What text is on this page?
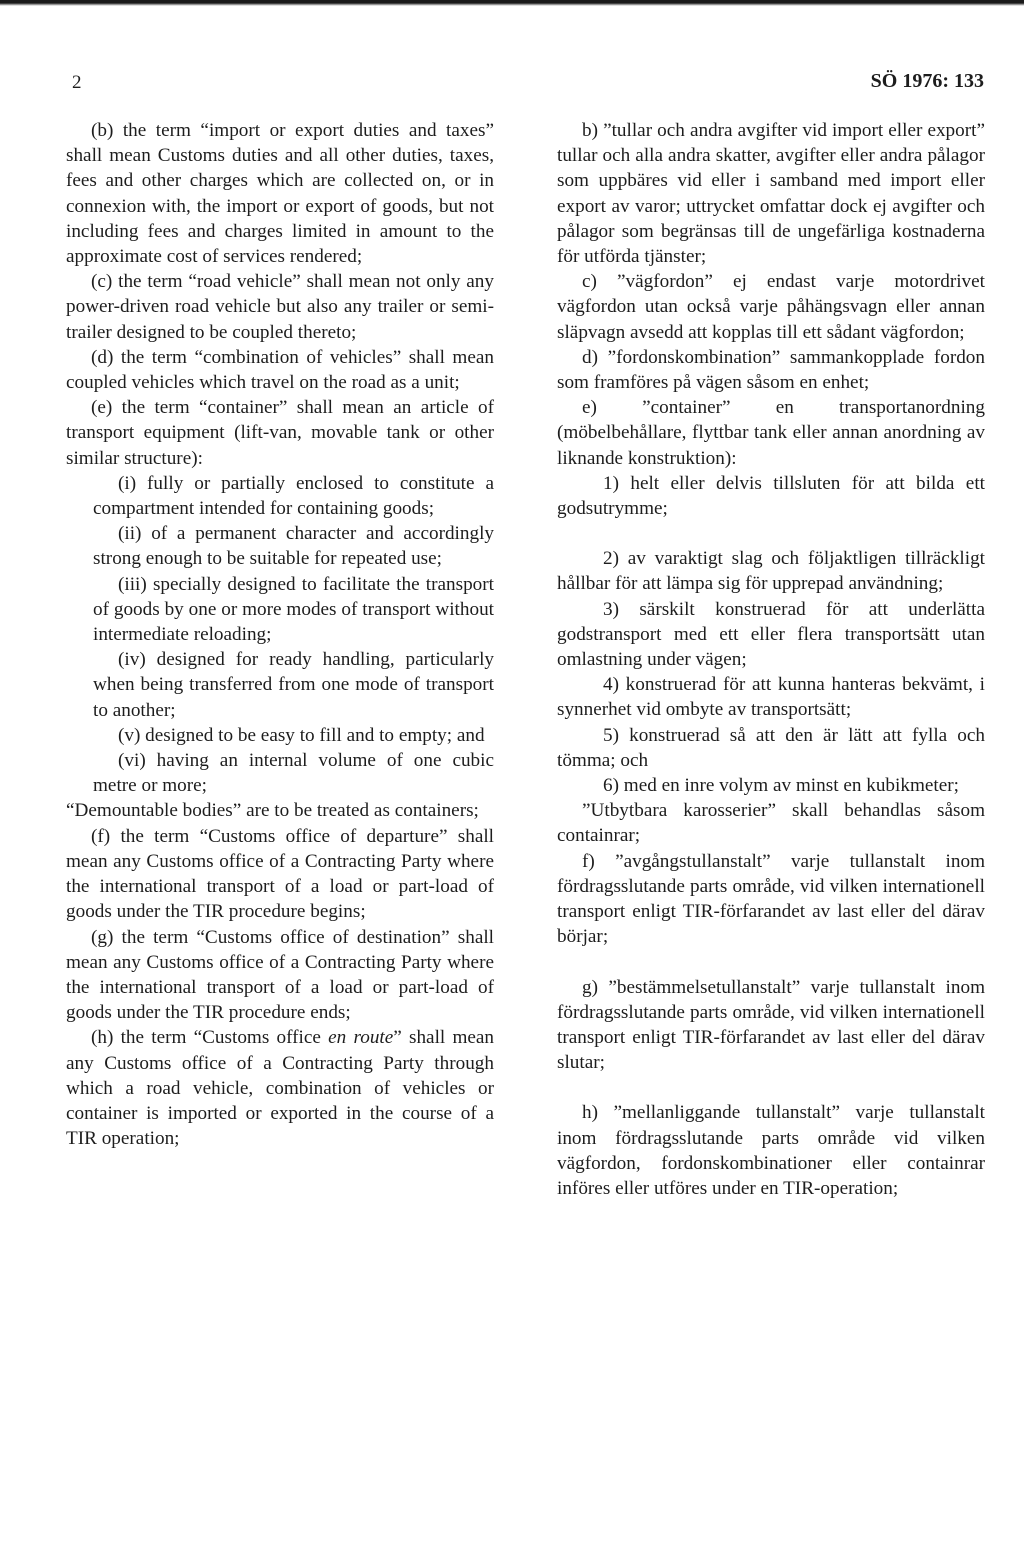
2	SÖ 1976: 133

(b) the term “import or export duties and taxes” shall mean Customs duties and all other duties, taxes, fees and other charges which are collected on, or in connexion with, the import or export of goods, but not including fees and charges limited in amount to the approximate cost of services rendered;

(c) the term “road vehicle” shall mean not only any power-driven road vehicle but also any trailer or semi-trailer designed to be coupled thereto;

(d) the term “combination of vehicles” shall mean coupled vehicles which travel on the road as a unit;

(e) the term “container” shall mean an article of transport equipment (lift-van, movable tank or other similar structure):

(i) fully or partially enclosed to constitute a compartment intended for containing goods;

(ii) of a permanent character and accordingly strong enough to be suitable for repeated use;

(iii) specially designed to facilitate the transport of goods by one or more modes of transport without intermediate reloading;

(iv) designed for ready handling, particularly when being transferred from one mode of transport to another;

(v) designed to be easy to fill and to empty; and

(vi) having an internal volume of one cubic metre or more;

“Demountable bodies” are to be treated as containers;

(f) the term “Customs office of departure” shall mean any Customs office of a Contracting Party where the international transport of a load or part-load of goods under the TIR procedure begins;

(g) the term “Customs office of destination” shall mean any Customs office of a Contracting Party where the international transport of a load or part-load of goods under the TIR procedure ends;

(h) the term “Customs office en route” shall mean any Customs office of a Contracting Party through which a road vehicle, combination of vehicles or container is imported or exported in the course of a TIR operation;

b) ”tullar och andra avgifter vid import eller export” tullar och alla andra skatter, avgifter eller andra pålagor som uppbäres vid eller i samband med import eller export av varor; uttrycket omfattar dock ej avgifter och pålagor som begränsas till de ungefärliga kostnaderna för utförda tjänster;

c) ”vägfordon” ej endast varje motordrivet vägfordon utan också varje påhängsvagn eller annan släpvagn avsedd att kopplas till ett sådant vägfordon;

d) ”fordonskombination” sammankopplade fordon som framföres på vägen såsom en enhet;

e) ”container” en transportanordning (möbelbehållare, flyttbar tank eller annan anordning av liknande konstruktion):

1) helt eller delvis tillsluten för att bilda ett godsutrymme;

2) av varaktigt slag och följaktligen tillräckligt hållbar för att lämpa sig för upprepad användning;

3) särskilt konstruerad för att underlätta godstransport med ett eller flera transportsätt utan omlastning under vägen;

4) konstruerad för att kunna hanteras bekvämt, i synnerhet vid ombyte av transportsätt;

5) konstruerad så att den är lätt att fylla och tömma; och

6) med en inre volym av minst en kubikmeter;

”Utbytbara karosserier” skall behandlas såsom containrar;

f) ”avgångstullanstalt” varje tullanstalt inom fördragsslutande parts område, vid vilken internationell transport enligt TIR-förfarandet av last eller del därav börjar;

g) ”bestämmelsetullanstalt” varje tullanstalt inom fördragsslutande parts område, vid vilken internationell transport enligt TIR-förfarandet av last eller del därav slutar;

h) ”mellanliggande tullanstalt” varje tullanstalt inom fördragsslutande parts område vid vilken vägfordon, fordonskombinationer eller containrar införes eller utföres under en TIR-operation;
